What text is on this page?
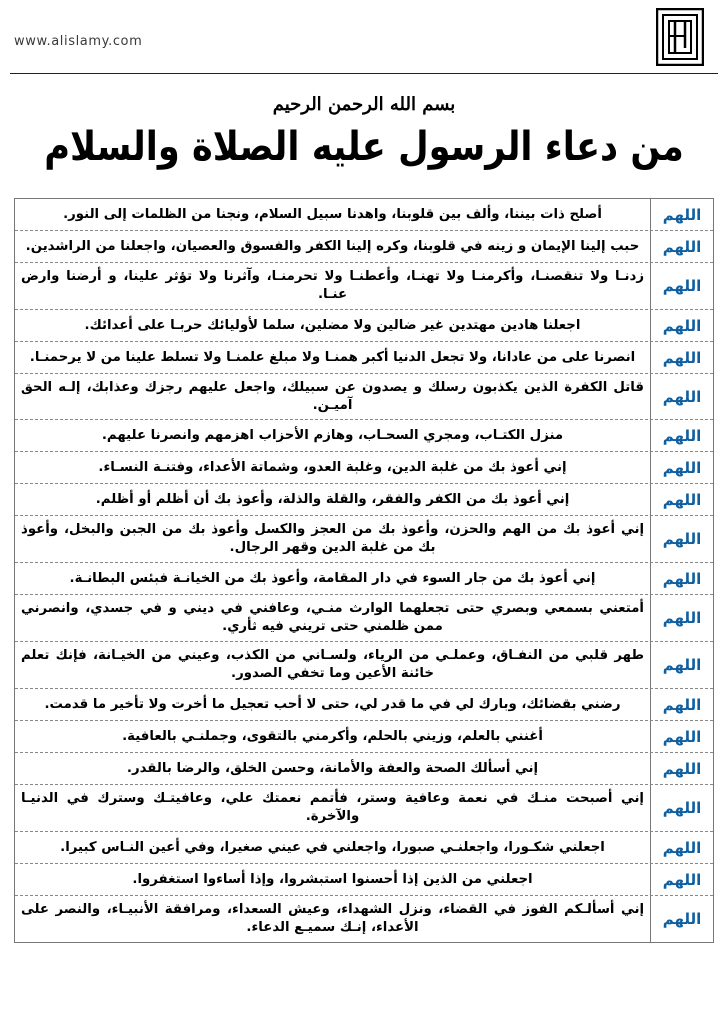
www.alislamy.com
بسم الله الرحمن الرحيم
من دعاء الرسول عليه الصلاة والسلام
اللهم
أصلح ذات بيننا، وألف بين قلوبنا، واهدنا سبيل السلام، ونجنا من الظلمات إلى النور.
اللهم
حبب إلينا الإيمان و زينه في قلوبنا، وكره إلينا الكفر والفسوق والعصيان، واجعلنا من الراشدين.
اللهم
زدنـا ولا تنقصنـا، وأكرمنـا ولا تهنـا، وأعطنـا ولا تحرمنـا، وآثرنا ولا تؤثر علينا، و أرضنا وارض عنـا.
اللهم
اجعلنا هادين مهتدين غير ضالين ولا مضلين، سلما لأوليائك حربـا على أعدائك.
اللهم
انصرنا على من عادانا، ولا تجعل الدنيا أكبر همنـا ولا مبلغ علمنـا ولا تسلط علينا من لا يرحمنـا.
اللهم
قاتل الكفرة الذين يكذبون رسلك و يصدون عن سبيلك، واجعل عليهم رجزك وعذابك، إلـه الحق آميـن.
اللهم
منزل الكتـاب، ومجري السحـاب، وهازم الأحزاب اهزمهم وانصرنا عليهم.
اللهم
إني أعوذ بك من غلبة الدين، وغلبة العدو، وشماتة الأعداء، وفتنـة النسـاء.
اللهم
إني أعوذ بك من الكفر والفقر، والقلة والذلة، وأعوذ بك أن أظلم أو أظلم.
اللهم
إني أعوذ بك من الهم والحزن، وأعوذ بك من العجز والكسل وأعوذ بك من الجبن والبخل، وأعوذ بك من غلبة الدين وقهر الرجال.
اللهم
إني أعوذ بك من جار السوء في دار المقامة، وأعوذ بك من الخيانـة فبئس البطانـة.
اللهم
أمتعني بسمعي وبصري حتى تجعلهما الوارث منـي، وعافني في ديني و في جسدي، وانصرني ممن ظلمني حتى تريني فيه ثأري.
اللهم
طهر قلبي من النفـاق، وعملـي من الرياء، ولسـاني من الكذب، وعيني من الخيـانة، فإنك تعلم خائنة الأعين وما تخفي الصدور.
اللهم
رضني بقضائك، وبارك لي في ما قدر لي، حتى لا أحب تعجيل ما أخرت ولا تأخير ما قدمت.
اللهم
أغنني بالعلم، وزيني بالحلم، وأكرمني بالتقوى، وجملنـي بالعافية.
اللهم
إني أسألك الصحة والعفة والأمانة، وحسن الخلق، والرضا بالقدر.
اللهم
إني أصبحت منـك في نعمة وعافية وستر، فأتمم نعمتك علي، وعافيتـك وسترك في الدنيـا والآخرة.
اللهم
اجعلني شكـورا، واجعلنـي صبورا، واجعلني في عيني صغيرا، وفي أعين النـاس كبيرا.
اللهم
اجعلني من الذين إذا أحسنوا استبشروا، وإذا أساءوا استغفروا.
اللهم
إني أسألـكم الفوز في القضاء، ونزل الشهداء، وعيش السعداء، ومرافقة الأنبيـاء، والنصر على الأعداء، إنـك سميـع الدعاء.
